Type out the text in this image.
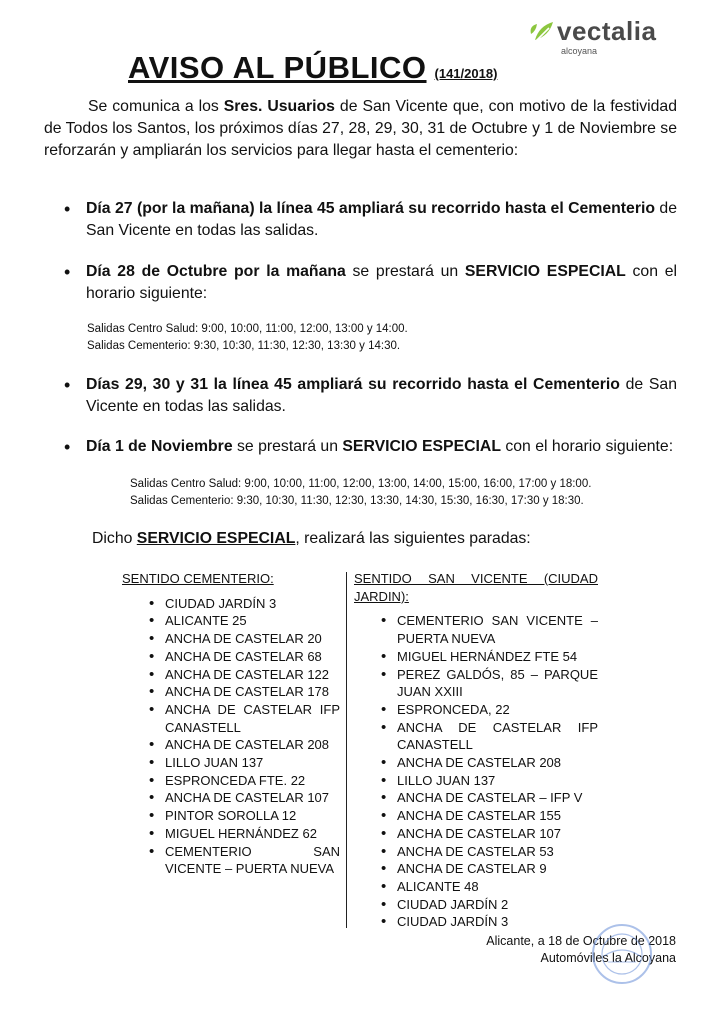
vectalia
alcoyana
AVISO AL PÚBLICO (141/2018)
Se comunica a los Sres. Usuarios de San Vicente que, con motivo de la festividad de Todos los Santos, los próximos días 27, 28, 29, 30, 31 de Octubre y 1 de Noviembre se reforzarán y ampliarán los servicios para llegar hasta el cementerio:
• Día 27 (por la mañana) la línea 45 ampliará su recorrido hasta el Cementerio de San Vicente en todas las salidas.
• Día 28 de Octubre por la mañana se prestará un SERVICIO ESPECIAL con el horario siguiente:
Salidas Centro Salud: 9:00, 10:00, 11:00, 12:00, 13:00 y 14:00.
Salidas Cementerio: 9:30, 10:30, 11:30, 12:30, 13:30 y 14:30.
• Días 29, 30 y 31 la línea 45 ampliará su recorrido hasta el Cementerio de San Vicente en todas las salidas.
• Día 1 de Noviembre se prestará un SERVICIO ESPECIAL con el horario siguiente:
Salidas Centro Salud: 9:00, 10:00, 11:00, 12:00, 13:00, 14:00, 15:00, 16:00, 17:00 y 18:00.
Salidas Cementerio: 9:30, 10:30, 11:30, 12:30, 13:30, 14:30, 15:30, 16:30, 17:30 y 18:30.
Dicho SERVICIO ESPECIAL, realizará las siguientes paradas:
SENTIDO CEMENTERIO:
• CIUDAD JARDÍN 3
• ALICANTE 25
• ANCHA DE CASTELAR 20
• ANCHA DE CASTELAR 68
• ANCHA DE CASTELAR 122
• ANCHA DE CASTELAR 178
• ANCHA DE CASTELAR IFP CANASTELL
• ANCHA DE CASTELAR 208
• LILLO JUAN 137
• ESPRONCEDA FTE. 22
• ANCHA DE CASTELAR 107
• PINTOR SOROLLA 12
• MIGUEL HERNÁNDEZ 62
• CEMENTERIO SAN VICENTE – PUERTA NUEVA
SENTIDO SAN VICENTE (CIUDAD JARDIN):
• CEMENTERIO SAN VICENTE – PUERTA NUEVA
• MIGUEL HERNÁNDEZ FTE 54
• PEREZ GALDÓS, 85 – PARQUE JUAN XXIII
• ESPRONCEDA, 22
• ANCHA DE CASTELAR IFP CANASTELL
• ANCHA DE CASTELAR 208
• LILLO JUAN 137
• ANCHA DE CASTELAR – IFP V
• ANCHA DE CASTELAR 155
• ANCHA DE CASTELAR 107
• ANCHA DE CASTELAR 53
• ANCHA DE CASTELAR 9
• ALICANTE 48
• CIUDAD JARDÍN 2
• CIUDAD JARDÍN 3
Alicante, a 18 de Octubre de 2018
Automóviles la Alcoyana
